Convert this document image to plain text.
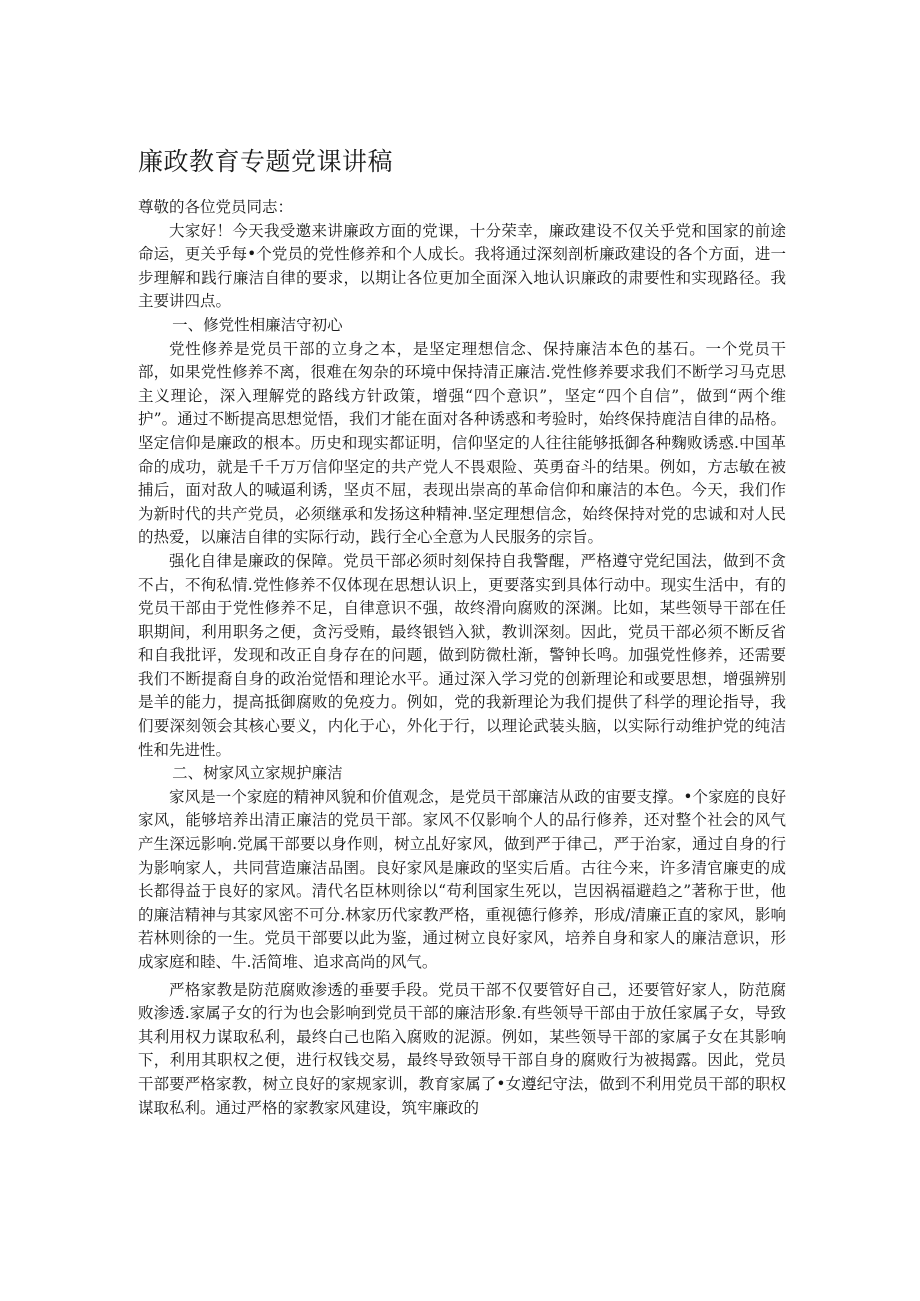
廉政教育专题党课讲稿

尊敬的各位党员同志：

大家好！今天我受邀来讲廉政方面的党课，十分荣幸，廉政建设不仅关乎党和国家的前途命运，更关乎每•个党员的党性修养和个人成长。我将通过深刻剖析廉政建设的各个方面，进一步理解和践行廉洁自律的要求，以期让各位更加全面深入地认识廉政的肃要性和实现路径。我主要讲四点。

一、修党性相廉洁守初心

党性修养是党员干部的立身之本，是坚定理想信念、保持廉洁本色的基石。一个党员干部，如果党性修养不离，很难在匆杂的环境中保持清正廉洁.党性修养要求我们不断学习马克思主义理论，深入理解党的路线方针政策，增强“四个意识”，坚定“四个自信”，做到“两个维护”。通过不断提高思想觉悟，我们才能在面对各种诱惑和考验时，始终保持鹿洁自律的品格。坚定信仰是廉政的根本。历史和现实都证明，信仰坚定的人往往能够抵御各种麴败诱惑.中国革命的成功，就是千千万万信仰坚定的共产党人不畏艰险、英勇奋斗的结果。例如，方志敏在被捕后，面对敌人的喊逼利诱，坚贞不屈，表现出崇高的革命信仰和廉洁的本色。今天，我们作为新时代的共产党员，必须继承和发扬这种精神.坚定理想信念，始终保持对党的忠诚和对人民的热爱，以廉洁自律的实际行动，践行全心全意为人民服务的宗旨。

强化自律是廉政的保障。党员干部必须时刻保持自我警醒，严格遵守党纪国法，做到不贪不占，不徇私情.党性修养不仅体现在思想认识上，更要落实到具体行动中。现实生活中，有的党员干部由于党性修养不足，自律意识不强，故终滑向腐败的深渊。比如，某些领导干部在任职期间，利用职务之便，贪污受贿，最终银铛入狱，教训深刻。因此，党员干部必须不断反省和自我批评，发现和改正自身存在的问题，做到防微杜渐，警钟长鸣。加强党性修养，还需要我们不断提裔自身的政治觉悟和理论水平。通过深入学习党的创新理论和或要思想，增强辨别是羊的能力，提高抵御腐败的免疫力。例如，党的我新理论为我们提供了科学的理论指导，我们要深刻领会其核心要义，内化于心，外化于行，以理论武装头脑，以实际行动维护党的纯洁性和先进性。

二、树家风立家规护廉洁

家风是一个家庭的精神风貌和价值观念，是党员干部廉洁从政的宙要支撑。•个家庭的良好家风，能够培养出清正廉洁的党员干部。家风不仅影响个人的品行修养，还对整个社会的风气产生深远影响.党属干部要以身作则，树立乩好家风，做到严于律己，严于治家，通过自身的行为影响家人，共同营造廉洁品圉。良好家风是廉政的坚实后盾。古往今来，许多清官廉吏的成长都得益于良好的家风。清代名臣林则徐以“苟利国家生死以，岂因祸福避趋之”著称于世，他的廉洁精神与其家风密不可分.林家历代家教严格，重视德行修养，形成/清廉正直的家风，影响若林则徐的一生。党员干部要以此为鉴，通过树立良好家风，培养自身和家人的廉洁意识，形成家庭和睦、牛.活简堆、追求高尚的风气。

严格家教是防范腐败渗透的垂要手段。党员干部不仅要管好自己，还要管好家人，防范腐败渗透.家属子女的行为也会影响到党员干部的廉洁形象.有些领导干部由于放任家属子女，导致其利用权力谋取私利，最终白己也陷入腐败的泥源。例如，某些领导干部的家属子女在其影响下，利用其职权之便，进行权钱交易，最终导致领导干部自身的腐败行为被揭露。因此，党员干部要严格家教，树立良好的家规家训，教育家属了•女遵纪守法，做到不利用党员干部的职权谋取私利。通过严格的家教家风建设，筑牢廉政的
